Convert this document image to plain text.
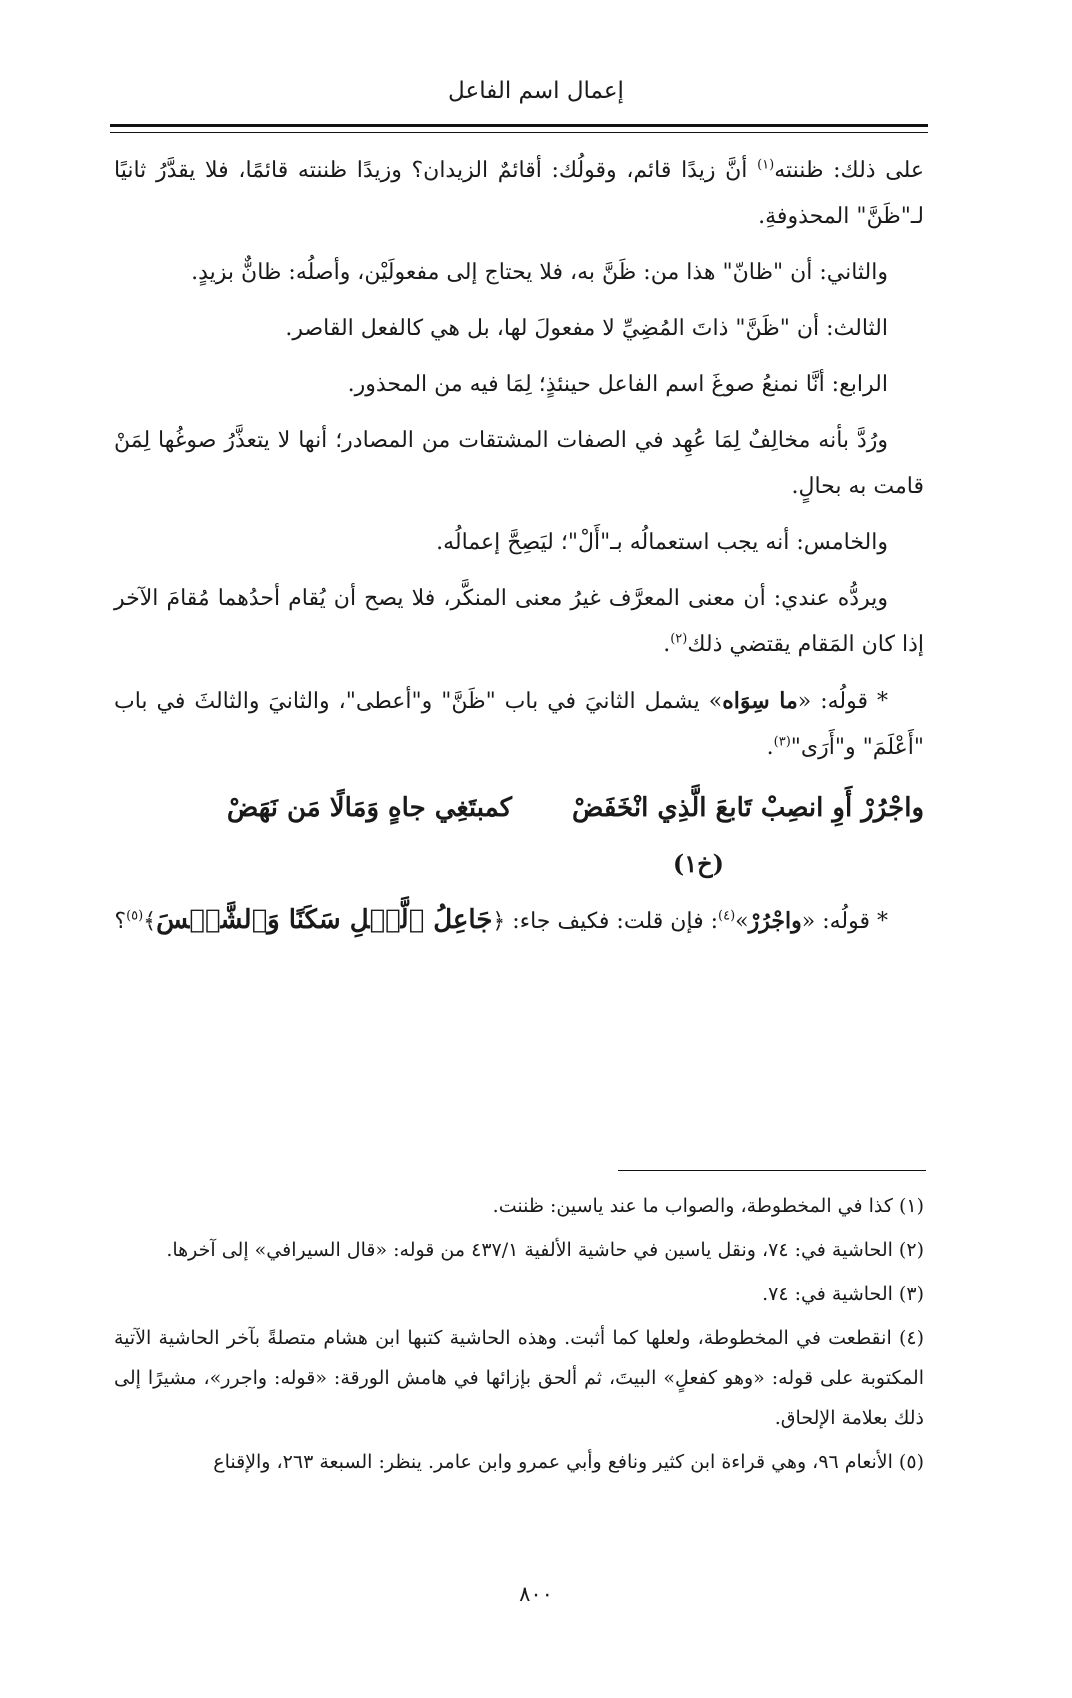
إعمال اسم الفاعل

على ذلك: ظننته$^{(١)}$ أنَّ زيدًا قائم، وقولُك: أقائمٌ الزيدان؟ وزيدًا ظننته قائمًا، فلا يقدَّرُ ثانيًا لـ"ظَنَّ" المحذوفةِ.

والثاني: أن "ظانّ" هذا من: ظَنَّ به، فلا يحتاج إلى مفعولَيْن، وأصلُه: ظانٌّ بزيدٍ.

الثالث: أن "ظَنَّ" ذاتَ المُضِيِّ لا مفعولَ لها، بل هي كالفعل القاصر.

الرابع: أنَّا نمنعُ صوغَ اسم الفاعل حينئذٍ؛ لِمَا فيه من المحذور.

ورُدَّ بأنه مخالِفٌ لِمَا عُهِد في الصفات المشتقات من المصادر؛ أنها لا يتعذَّرُ صوغُها لِمَنْ قامت به بحالٍ.

والخامس: أنه يجب استعمالُه بـ"أَلْ"؛ ليَصِحَّ إعمالُه.

ويردُّه عندي: أن معنى المعرَّف غيرُ معنى المنكَّر، فلا يصح أن يُقام أحدُهما مُقامَ الآخر إذا كان المَقام يقتضي ذلك$^{(٢)}$.

* قولُه: «ما سِوَاه» يشمل الثانيَ في باب "ظَنَّ" و"أعطى"، والثانيَ والثالثَ في باب "أَعْلَمَ" و"أَرَى"$^{(٣)}$.

واجْرُرْ أَوِ انصِبْ تَابعَ الَّذِي انْخَفَضْكمبتَغِي جاهٍ وَمَالًا مَن نَهَضْ
(خ١)

* قولُه: «واجْرُرْ»$^{(٤)}$: فإن قلت: فكيف جاء: ﴿جَاعِلُ ٱلَّيۡلِ سَكَنًا وَٱلشَّمۡسَ﴾$^{(٥)}$؟

(١) كذا في المخطوطة، والصواب ما عند ياسين: ظننت.

(٢) الحاشية في: ٧٤، ونقل ياسين في حاشية الألفية ٤٣٧/١ من قوله: «قال السيرافي» إلى آخرها.

(٣) الحاشية في: ٧٤.

(٤) انقطعت في المخطوطة، ولعلها كما أثبت. وهذه الحاشية كتبها ابن هشام متصلةً بآخر الحاشية الآتية المكتوبة على قوله: «وهو كفعلٍ» البيتَ، ثم ألحق بإزائها في هامش الورقة: «قوله: واجرر»، مشيرًا إلى ذلك بعلامة الإلحاق.

(٥) الأنعام ٩٦، وهي قراءة ابن كثير ونافع وأبي عمرو وابن عامر. ينظر: السبعة ٢٦٣، والإقناع

٨٠٠
